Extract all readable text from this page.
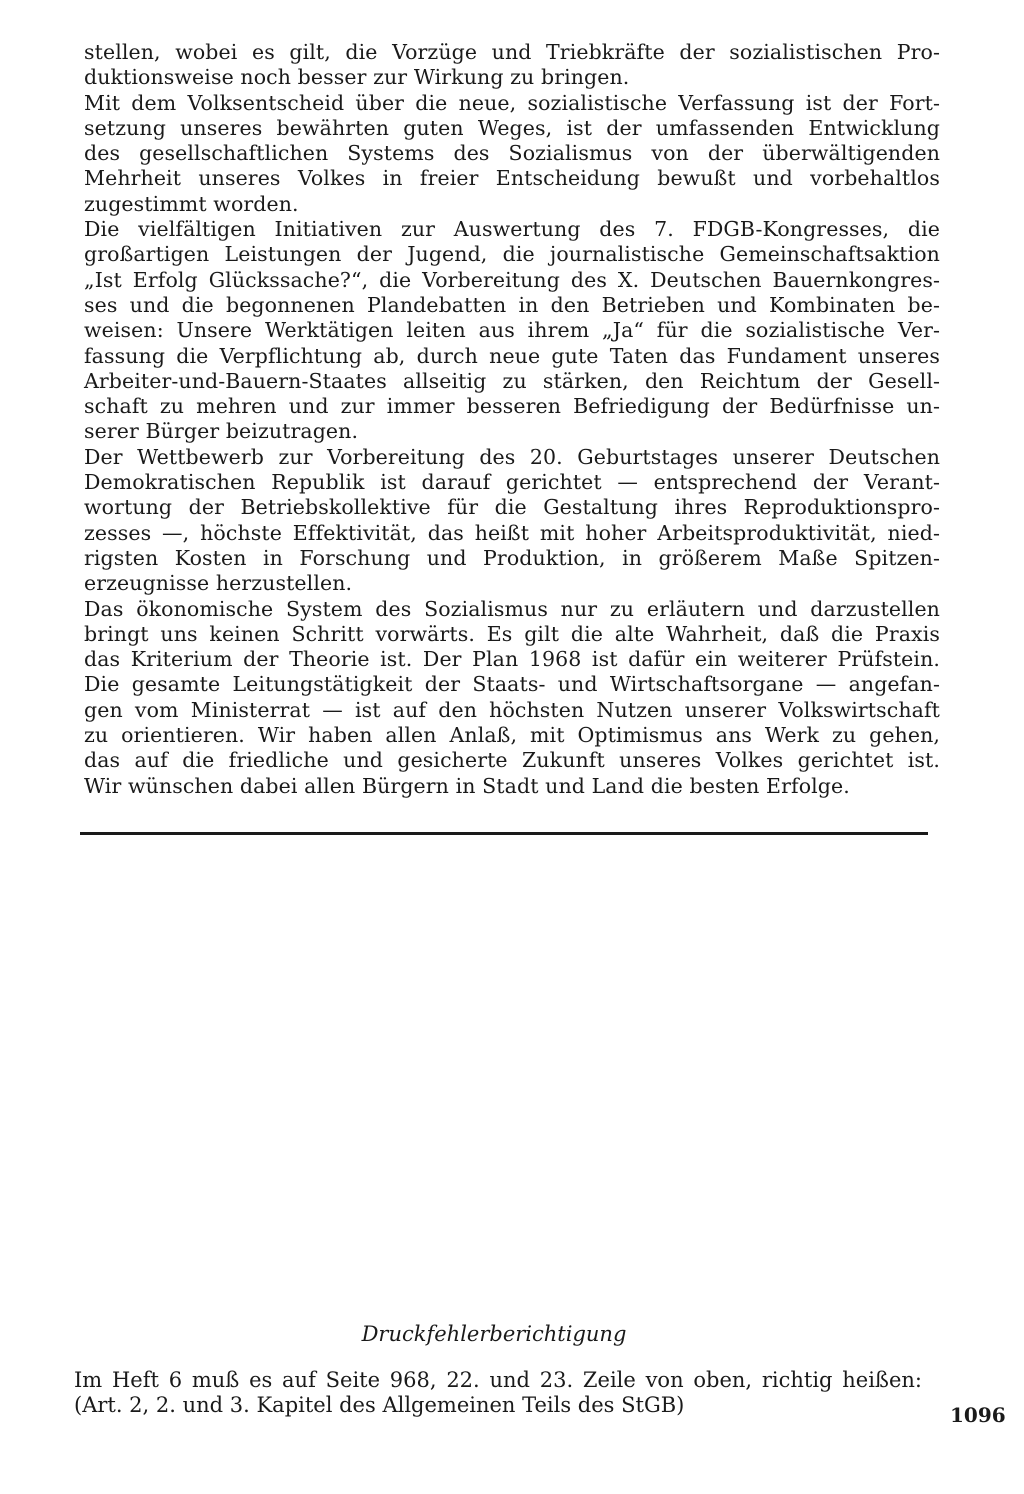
stellen, wobei es gilt, die Vorzüge und Triebkräfte der sozialistischen Pro-
duktionsweise noch besser zur Wirkung zu bringen.

Mit dem Volksentscheid über die neue, sozialistische Verfassung ist der Fort-
setzung unseres bewährten guten Weges, ist der umfassenden Entwicklung
des gesellschaftlichen Systems des Sozialismus von der überwältigenden
Mehrheit unseres Volkes in freier Entscheidung bewußt und vorbehaltlos
zugestimmt worden.

Die vielfältigen Initiativen zur Auswertung des 7. FDGB-Kongresses, die
großartigen Leistungen der Jugend, die journalistische Gemeinschaftsaktion
„Ist Erfolg Glückssache?“, die Vorbereitung des X. Deutschen Bauernkongres-
ses und die begonnenen Plandebatten in den Betrieben und Kombinaten be-
weisen: Unsere Werktätigen leiten aus ihrem „Ja“ für die sozialistische Ver-
fassung die Verpflichtung ab, durch neue gute Taten das Fundament unseres
Arbeiter-und-Bauern-Staates allseitig zu stärken, den Reichtum der Gesell-
schaft zu mehren und zur immer besseren Befriedigung der Bedürfnisse un-
serer Bürger beizutragen.

Der Wettbewerb zur Vorbereitung des 20. Geburtstages unserer Deutschen
Demokratischen Republik ist darauf gerichtet — entsprechend der Verant-
wortung der Betriebskollektive für die Gestaltung ihres Reproduktionspro-
zesses —, höchste Effektivität, das heißt mit hoher Arbeitsproduktivität, nied-
rigsten Kosten in Forschung und Produktion, in größerem Maße Spitzen-
erzeugnisse herzustellen.

Das ökonomische System des Sozialismus nur zu erläutern und darzustellen
bringt uns keinen Schritt vorwärts. Es gilt die alte Wahrheit, daß die Praxis
das Kriterium der Theorie ist. Der Plan 1968 ist dafür ein weiterer Prüfstein.
Die gesamte Leitungstätigkeit der Staats- und Wirtschaftsorgane — angefan-
gen vom Ministerrat — ist auf den höchsten Nutzen unserer Volkswirtschaft
zu orientieren. Wir haben allen Anlaß, mit Optimismus ans Werk zu gehen,
das auf die friedliche und gesicherte Zukunft unseres Volkes gerichtet ist.
Wir wünschen dabei allen Bürgern in Stadt und Land die besten Erfolge.

Druckfehlerberichtigung

Im Heft 6 muß es auf Seite 968, 22. und 23. Zeile von oben, richtig heißen:
(Art. 2, 2. und 3. Kapitel des Allgemeinen Teils des StGB)	1096
